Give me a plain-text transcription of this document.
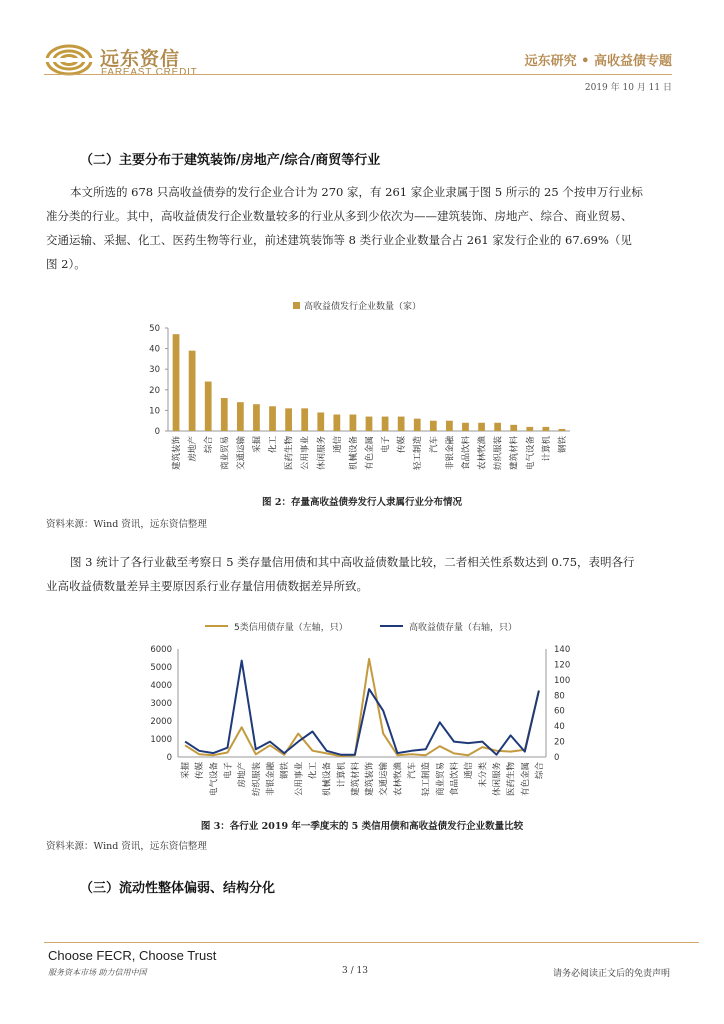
远东资信
FAREAST CREDIT
远东研究 • 高收益债专题
2019 年 10 月 11 日
（二）主要分布于建筑装饰/房地产/综合/商贸等行业
本文所选的 678 只高收益债券的发行企业合计为 270 家，有 261 家企业隶属于图 5 所示的 25 个按申万行业标
准分类的行业。其中，高收益债发行企业数量较多的行业从多到少依次为——建筑装饰、房地产、综合、商业贸易、
交通运输、采掘、化工、医药生物等行业，前述建筑装饰等 8 类行业企业数量合占 261 家发行企业的 67.69%（见
图 2）。
高收益债发行企业数量（家）
0
10
20
30
40
50
建筑装饰 房地产 综合 商业贸易 交通运输 采掘 化工 医药生物 公用事业 休闲服务 通信 机械设备 有色金属 电子 传媒 轻工制造 汽车 非银金融 食品饮料 农林牧渔 纺织服装 建筑材料 电气设备 计算机 钢铁
图 2：存量高收益债券发行人隶属行业分布情况
资料来源：Wind 资讯，远东资信整理
图 3 统计了各行业截至考察日 5 类存量信用债和其中高收益债数量比较，二者相关性系数达到 0.75，表明各行
业高收益债数量差异主要原因系行业存量信用债数据差异所致。
5类信用债存量（左轴，只）	高收益债存量（右轴，只）
0
1000
2000
3000
4000
5000
6000
0
20
40
60
80
100
120
140
采掘 传媒 电气设备 电子 房地产 纺织服装 非银金融 钢铁 公用事业 化工 机械设备 计算机 建筑材料 建筑装饰 交通运输 农林牧渔 汽车 轻工制造 商业贸易 食品饮料 通信 未分类 休闲服务 医药生物 有色金属 综合
图 3：各行业 2019 年一季度末的 5 类信用债和高收益债发行企业数量比较
资料来源：Wind 资讯，远东资信整理
（三）流动性整体偏弱、结构分化
Choose FECR, Choose Trust
服务资本市场 助力信用中国	3 / 13	请务必阅读正文后的免责声明
